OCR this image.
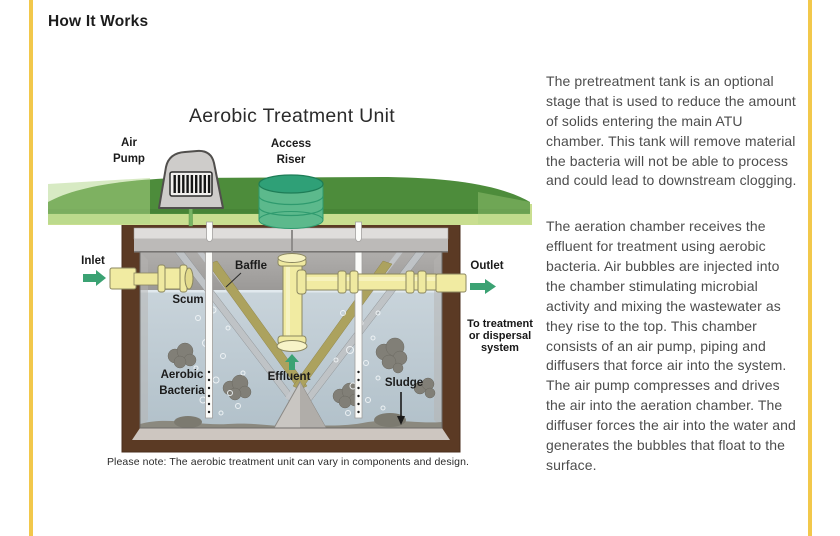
How It Works
Aerobic Treatment Unit
Air
Pump
Access
Riser
Inlet	Baffle
Scum
Aerobic
Bacteria
Effluent	Sludge
Outlet
To treatment
or dispersal
system
Please note: The aerobic treatment unit can vary in components and design.

The pretreatment tank is an optional stage that is used to reduce the amount of solids entering the main ATU chamber. This tank will remove material the bacteria will not be able to process and could lead to downstream clogging.

The aeration chamber receives the effluent for treatment using aerobic bacteria. Air bubbles are injected into the chamber stimulating microbial activity and mixing the wastewater as they rise to the top. This chamber consists of an air pump, piping and diffusers that force air into the system. The air pump compresses and drives the air into the aeration chamber. The diffuser forces the air into the water and generates the bubbles that float to the surface.
